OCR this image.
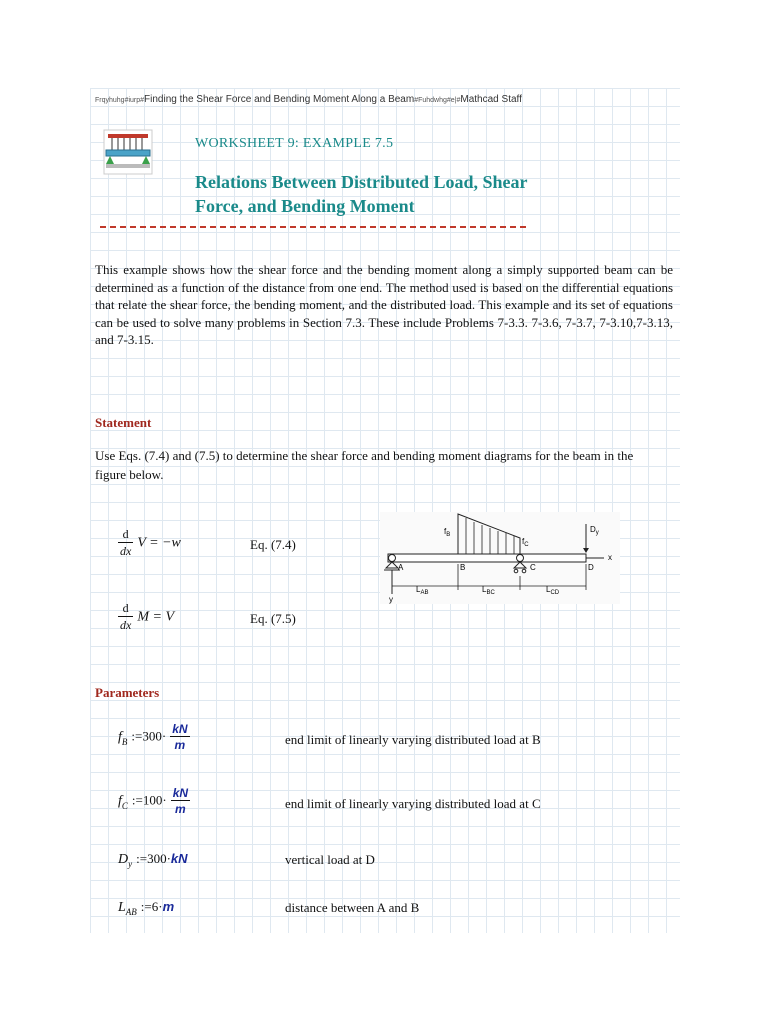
Frqyhuhg#iurp#Finding the Shear Force and Bending Moment Along a Beam#Fuhdwhg#e|#Mathcad Staff
WORKSHEET 9: EXAMPLE 7.5
Relations Between Distributed Load, Shear
Force, and Bending Moment
This example shows how the shear force and the bending moment along a simply supported beam can be determined as a function of the distance from one end. The method used is based on the differential equations that relate the shear force, the bending moment, and the distributed load. This example and its set of equations can be used to solve many problems in Section 7.3. These include Problems 7-3.3. 7-3.6, 7-3.7, 7-3.10,7-3.13, and 7-3.15.
Statement
Use Eqs. (7.4) and (7.5) to determine the shear force and bending moment diagrams for the beam in the figure below.
$\frac{d}{dx}$ V = −w	Eq. (7.4)
$\frac{d}{dx}$ M = V	Eq. (7.5)
$f_B$
$f_C$
x
$D_y$
A	B	C	D
y
$L_{AB}$	$L_{BC}$	$L_{CD}$
Parameters
$f_B$ :=300· $\frac{kN}{m}$	end limit of linearly varying distributed load at B
$f_C$ :=100· $\frac{kN}{m}$	end limit of linearly varying distributed load at C
$D_y$ :=300·kN	vertical load at D
$L_{AB}$ :=6·m	distance between A and B
